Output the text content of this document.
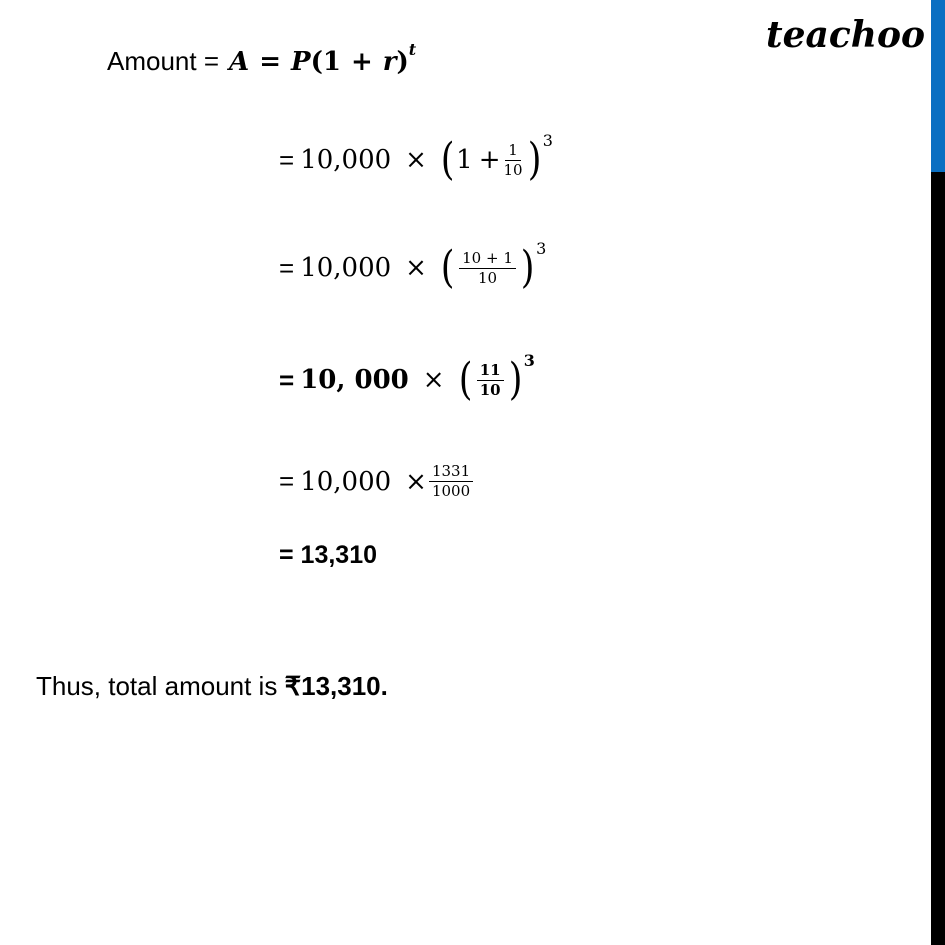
teachoo
Amount = A = P ( 1 + r ) t
= 10,000 × ( $1 + \frac{1}{10}$ ) 3
= 10,000 × ( $\frac{10 + 1}{10}$ ) 3
= 10, 000 × ( $\frac{11}{10}$ ) 3
= $10,000 \times \frac{1331}{1000}$
= 13,310
Thus, total amount is ₹13,310.
